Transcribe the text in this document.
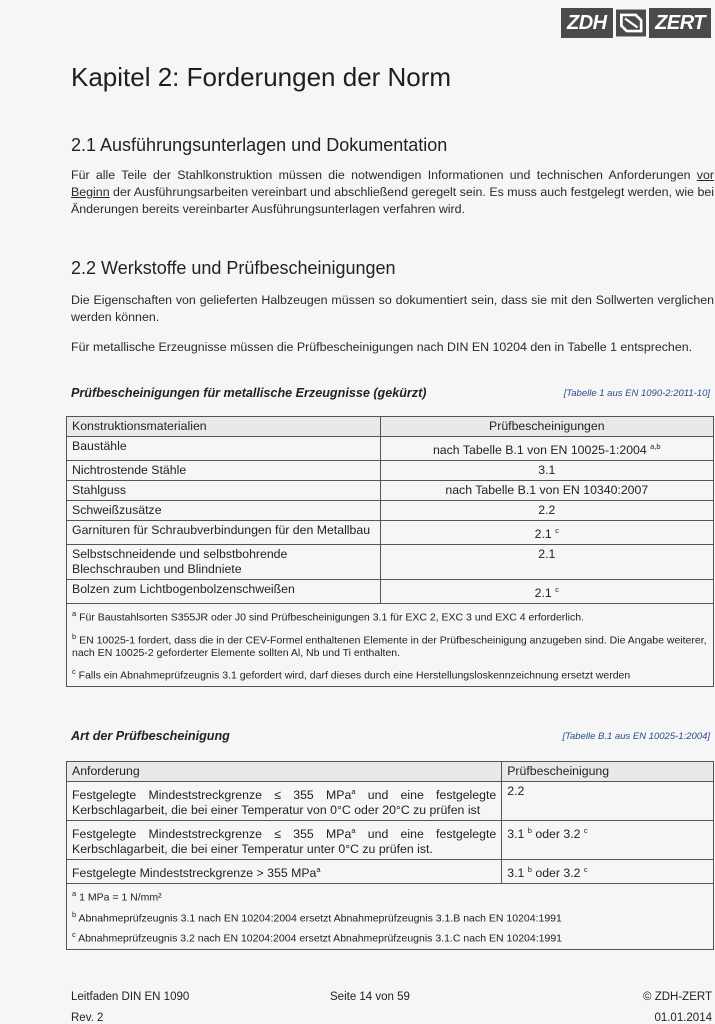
ZDH	ZERT
Kapitel 2: Forderungen der Norm
2.1 Ausführungsunterlagen und Dokumentation

Für alle Teile der Stahlkonstruktion müssen die notwendigen Informationen und technischen Anforderungen vor Beginn der Ausführungsarbeiten vereinbart und abschließend geregelt sein. Es muss auch festgelegt werden, wie bei Änderungen bereits vereinbarter Ausführungsunterlagen verfahren wird.

2.2 Werkstoffe und Prüfbescheinigungen

Die Eigenschaften von gelieferten Halbzeugen müssen so dokumentiert sein, dass sie mit den Sollwerten verglichen werden können.

Für metallische Erzeugnisse müssen die Prüfbescheinigungen nach DIN EN 10204 den in Tabelle 1 entsprechen.

Prüfbescheinigungen für metallische Erzeugnisse (gekürzt)	[Tabelle 1 aus EN 1090-2:2011-10]
Konstruktionsmaterialien	Prüfbescheinigungen
Baustähle	nach Tabelle B.1 von EN 10025-1:2004 $^{a,b}$
Nichtrostende Stähle	3.1
Stahlguss	nach Tabelle B.1 von EN 10340:2007
Schweißzusätze	2.2
Garnituren für Schraubverbindungen für den Metallbau	2.1 $^c$
Selbstschneidende und selbstbohrende Blechschrauben und Blindniete	2.1
Bolzen zum Lichtbogenbolzenschweißen	2.1 $^c$

$^a$ Für Baustahlsorten S355JR oder J0 sind Prüfbescheinigungen 3.1 für EXC 2, EXC 3 und EXC 4 erforderlich.
$^b$ EN 10025-1 fordert, dass die in der CEV-Formel enthaltenen Elemente in der Prüfbescheinigung anzugeben sind. Die Angabe weiterer, nach EN 10025-2 geforderter Elemente sollten Al, Nb und Ti enthalten.
$^c$ Falls ein Abnahmeprüfzeugnis 3.1 gefordert wird, darf dieses durch eine Herstellungsloskennzeichnung ersetzt werden	
Art der Prüfbescheinigung	[Tabelle B.1 aus EN 10025-1:2004]
Anforderung	Prüfbescheinigung
Festgelegte Mindeststreckgrenze ≤ 355 MPa$^a$ und eine festgelegte Kerbschlagarbeit, die bei einer Temperatur von 0°C oder 20°C zu prüfen ist	2.2
Festgelegte Mindeststreckgrenze ≤ 355 MPa$^a$ und eine festgelegte Kerbschlagarbeit, die bei einer Temperatur unter 0°C zu prüfen ist.	3.1 $^b$ oder 3.2 $^c$
Festgelegte Mindeststreckgrenze > 355 MPa$^a$	3.1 $^b$ oder 3.2 $^c$

$^a$ 1 MPa = 1 N/mm²
$^b$ Abnahmeprüfzeugnis 3.1 nach EN 10204:2004 ersetzt Abnahmeprüfzeugnis 3.1.B nach EN 10204:1991
$^c$ Abnahmeprüfzeugnis 3.2 nach EN 10204:2004 ersetzt Abnahmeprüfzeugnis 3.1.C nach EN 10204:1991	
Leitfaden DIN EN 1090	Seite 14 von 59	© ZDH-ZERT
Rev. 2	01.01.2014
